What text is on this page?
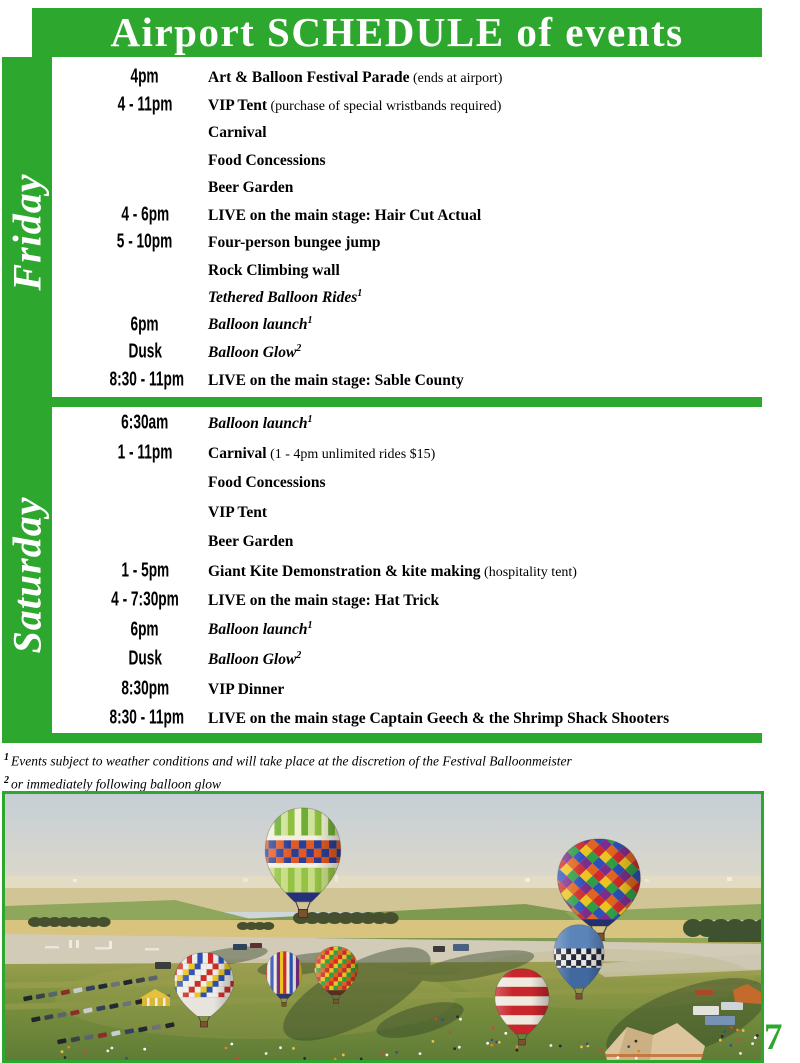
Airport SCHEDULE of events
Friday
4pm	Art & Balloon Festival Parade (ends at airport)
4 - 11pm	VIP Tent (purchase of special wristbands required)
Carnival
Food Concessions
Beer Garden
4 - 6pm	LIVE on the main stage: Hair Cut Actual
5 - 10pm	Four-person bungee jump
Rock Climbing wall
Tethered Balloon Rides$^1$
6pm	Balloon launch$^1$
Dusk	Balloon Glow$^2$
8:30 - 11pm	LIVE on the main stage: Sable County
Saturday
6:30am	Balloon launch$^1$
1 - 11pm	Carnival (1 - 4pm unlimited rides $15)
Food Concessions
VIP Tent
Beer Garden
1 - 5pm	Giant Kite Demonstration & kite making (hospitality tent)
4 - 7:30pm	LIVE on the main stage: Hat Trick
6pm	Balloon launch$^1$
Dusk	Balloon Glow$^2$
8:30pm	VIP Dinner
8:30 - 11pm	LIVE on the main stage Captain Geech & the Shrimp Shack Shooters
$^1$ Events subject to weather conditions and will take place at the discretion of the Festival Balloonmeister
$^2$ or immediately following balloon glow
7
